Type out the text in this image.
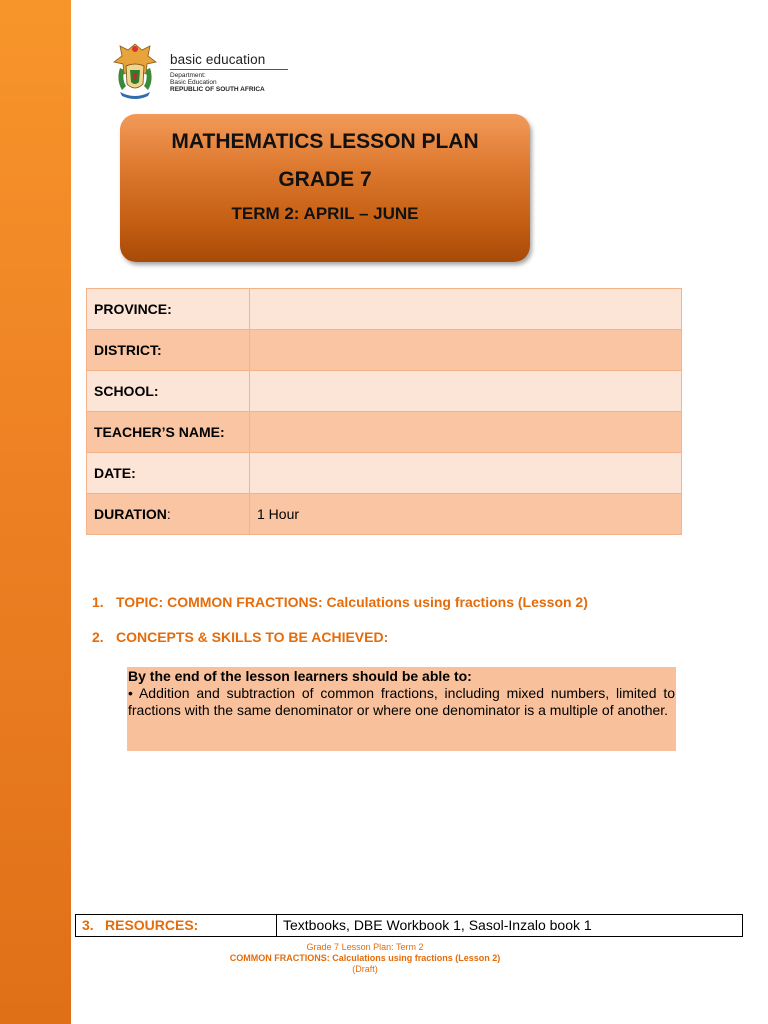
basic education
Department:
Basic Education
REPUBLIC OF SOUTH AFRICA
MATHEMATICS LESSON PLAN
GRADE 7
TERM 2: APRIL – JUNE
PROVINCE:	
DISTRICT:	
SCHOOL:	
TEACHER’S NAME:	
DATE:	
DURATION:	1 Hour
1. TOPIC: COMMON FRACTIONS: Calculations using fractions (Lesson 2)
2. CONCEPTS & SKILLS TO BE ACHIEVED:
By the end of the lesson learners should be able to:
• Addition and subtraction of common fractions, including mixed numbers, limited to fractions with the same denominator or where one denominator is a multiple of another.
3. RESOURCES:	Textbooks, DBE Workbook 1, Sasol-Inzalo book 1
Grade 7 Lesson Plan: Term 2
COMMON FRACTIONS: Calculations using fractions (Lesson 2)
(Draft)
